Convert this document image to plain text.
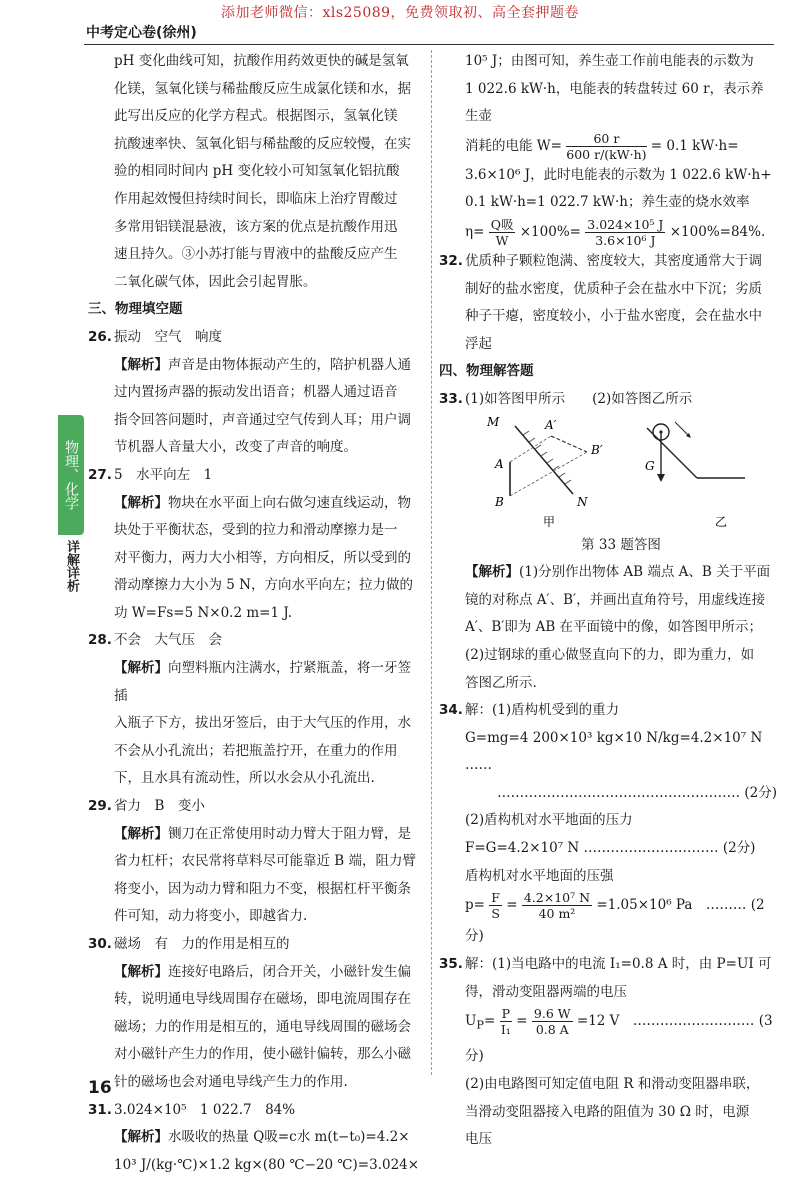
添加老师微信：xls25089，免费领取初、高全套押题卷
中考定心卷(徐州)
物理、化学
详解详析
16

pH 变化曲线可知，抗酸作用药效更快的碱是氢氧

化镁，氢氧化镁与稀盐酸反应生成氯化镁和水，据

此写出反应的化学方程式。根据图示，氢氧化镁

抗酸速率快、氢氧化铝与稀盐酸的反应较慢，在实

验的相同时间内 pH 变化较小可知氢氧化铝抗酸

作用起效慢但持续时间长，即临床上治疗胃酸过

多常用铝镁混悬液，该方案的优点是抗酸作用迅

速且持久。③小苏打能与胃液中的盐酸反应产生

二氧化碳气体，因此会引起胃胀。

三、物理填空题

26. 振动　空气　响度

【解析】声音是由物体振动产生的，陪护机器人通

过内置扬声器的振动发出语音；机器人通过语音

指令回答问题时，声音通过空气传到人耳；用户调

节机器人音量大小，改变了声音的响度。

27. 5　水平向左　1

【解析】物块在水平面上向右做匀速直线运动，物

块处于平衡状态，受到的拉力和滑动摩擦力是一

对平衡力，两力大小相等，方向相反，所以受到的

滑动摩擦力大小为 5 N，方向水平向左；拉力做的

功 W=Fs=5 N×0.2 m=1 J.

28. 不会　大气压　会

【解析】向塑料瓶内注满水，拧紧瓶盖，将一牙签插

入瓶子下方，拔出牙签后，由于大气压的作用，水

不会从小孔流出；若把瓶盖拧开，在重力的作用

下，且水具有流动性，所以水会从小孔流出.

29. 省力　B　变小

【解析】铡刀在正常使用时动力臂大于阻力臂，是

省力杠杆；农民常将草料尽可能靠近 B 端，阻力臂

将变小，因为动力臂和阻力不变，根据杠杆平衡条

件可知，动力将变小，即越省力.

30. 磁场　有　力的作用是相互的

【解析】连接好电路后，闭合开关，小磁针发生偏

转，说明通电导线周围存在磁场，即电流周围存在

磁场；力的作用是相互的，通电导线周围的磁场会

对小磁针产生力的作用，使小磁针偏转，那么小磁

针的磁场也会对通电导线产生力的作用.

31. 3.024×10⁵　1 022.7　84%

【解析】水吸收的热量 Q吸=c水 m(t−t₀)=4.2×

10³ J/(kg·℃)×1.2 kg×(80 ℃−20 ℃)=3.024×

10⁵ J；由图可知，养生壶工作前电能表的示数为

1 022.6 kW·h，电能表的转盘转过 60 r，表示养生壶

消耗的电能 $W= \frac{60 r}{600 r/(kW\cdot h)} = 0.1$ kW·h=

3.6×10⁶ J，此时电能表的示数为 1 022.6 kW·h+

0.1 kW·h=1 022.7 kW·h；养生壶的烧水效率

$\eta= \frac{\text{Q吸}}{W} \times 100\%= \frac{\text{3.024×10⁵ J}}{\text{3.6×10⁶ J}} \times 100\%=84\%$.

32. 优质种子颗粒饱满、密度较大，其密度通常大于调

制好的盐水密度，优质种子会在盐水中下沉；劣质

种子干瘪，密度较小，小于盐水密度，会在盐水中

浮起

四、物理解答题

33. (1)如答图甲所示　　(2)如答图乙所示

M
N
A
B
A′
B′
甲
G
乙

第 33 题答图

【解析】(1)分别作出物体 AB 端点 A、B 关于平面

镜的对称点 A′、B′，并画出直角符号，用虚线连接

A′、B′即为 AB 在平面镜中的像，如答图甲所示；

(2)过钢球的重心做竖直向下的力，即为重力，如

答图乙所示.

34. 解：(1)盾构机受到的重力

G=mg=4 200×10³ kg×10 N/kg=4.2×10⁷ N ……

……………………………………………… (2分)

(2)盾构机对水平地面的压力

F=G=4.2×10⁷ N ………………………… (2分)

盾构机对水平地面的压强

$p= \frac{F}{S} = \frac{\text{4.2×10⁷ N}}{\text{40 m²}} =1.05\times 10^6$ Pa　……… (2分)

35. 解：(1)当电路中的电流 I₁=0.8 A 时，由 P=UI 可

得，滑动变阻器两端的电压

$U_P= \frac{P}{\text{I₁}} = \frac{9.6 W}{0.8 A} =12$ V　……………………… (3分)

(2)由电路图可知定值电阻 R 和滑动变阻器串联，

当滑动变阻器接入电路的阻值为 30 Ω 时，电源

电压
